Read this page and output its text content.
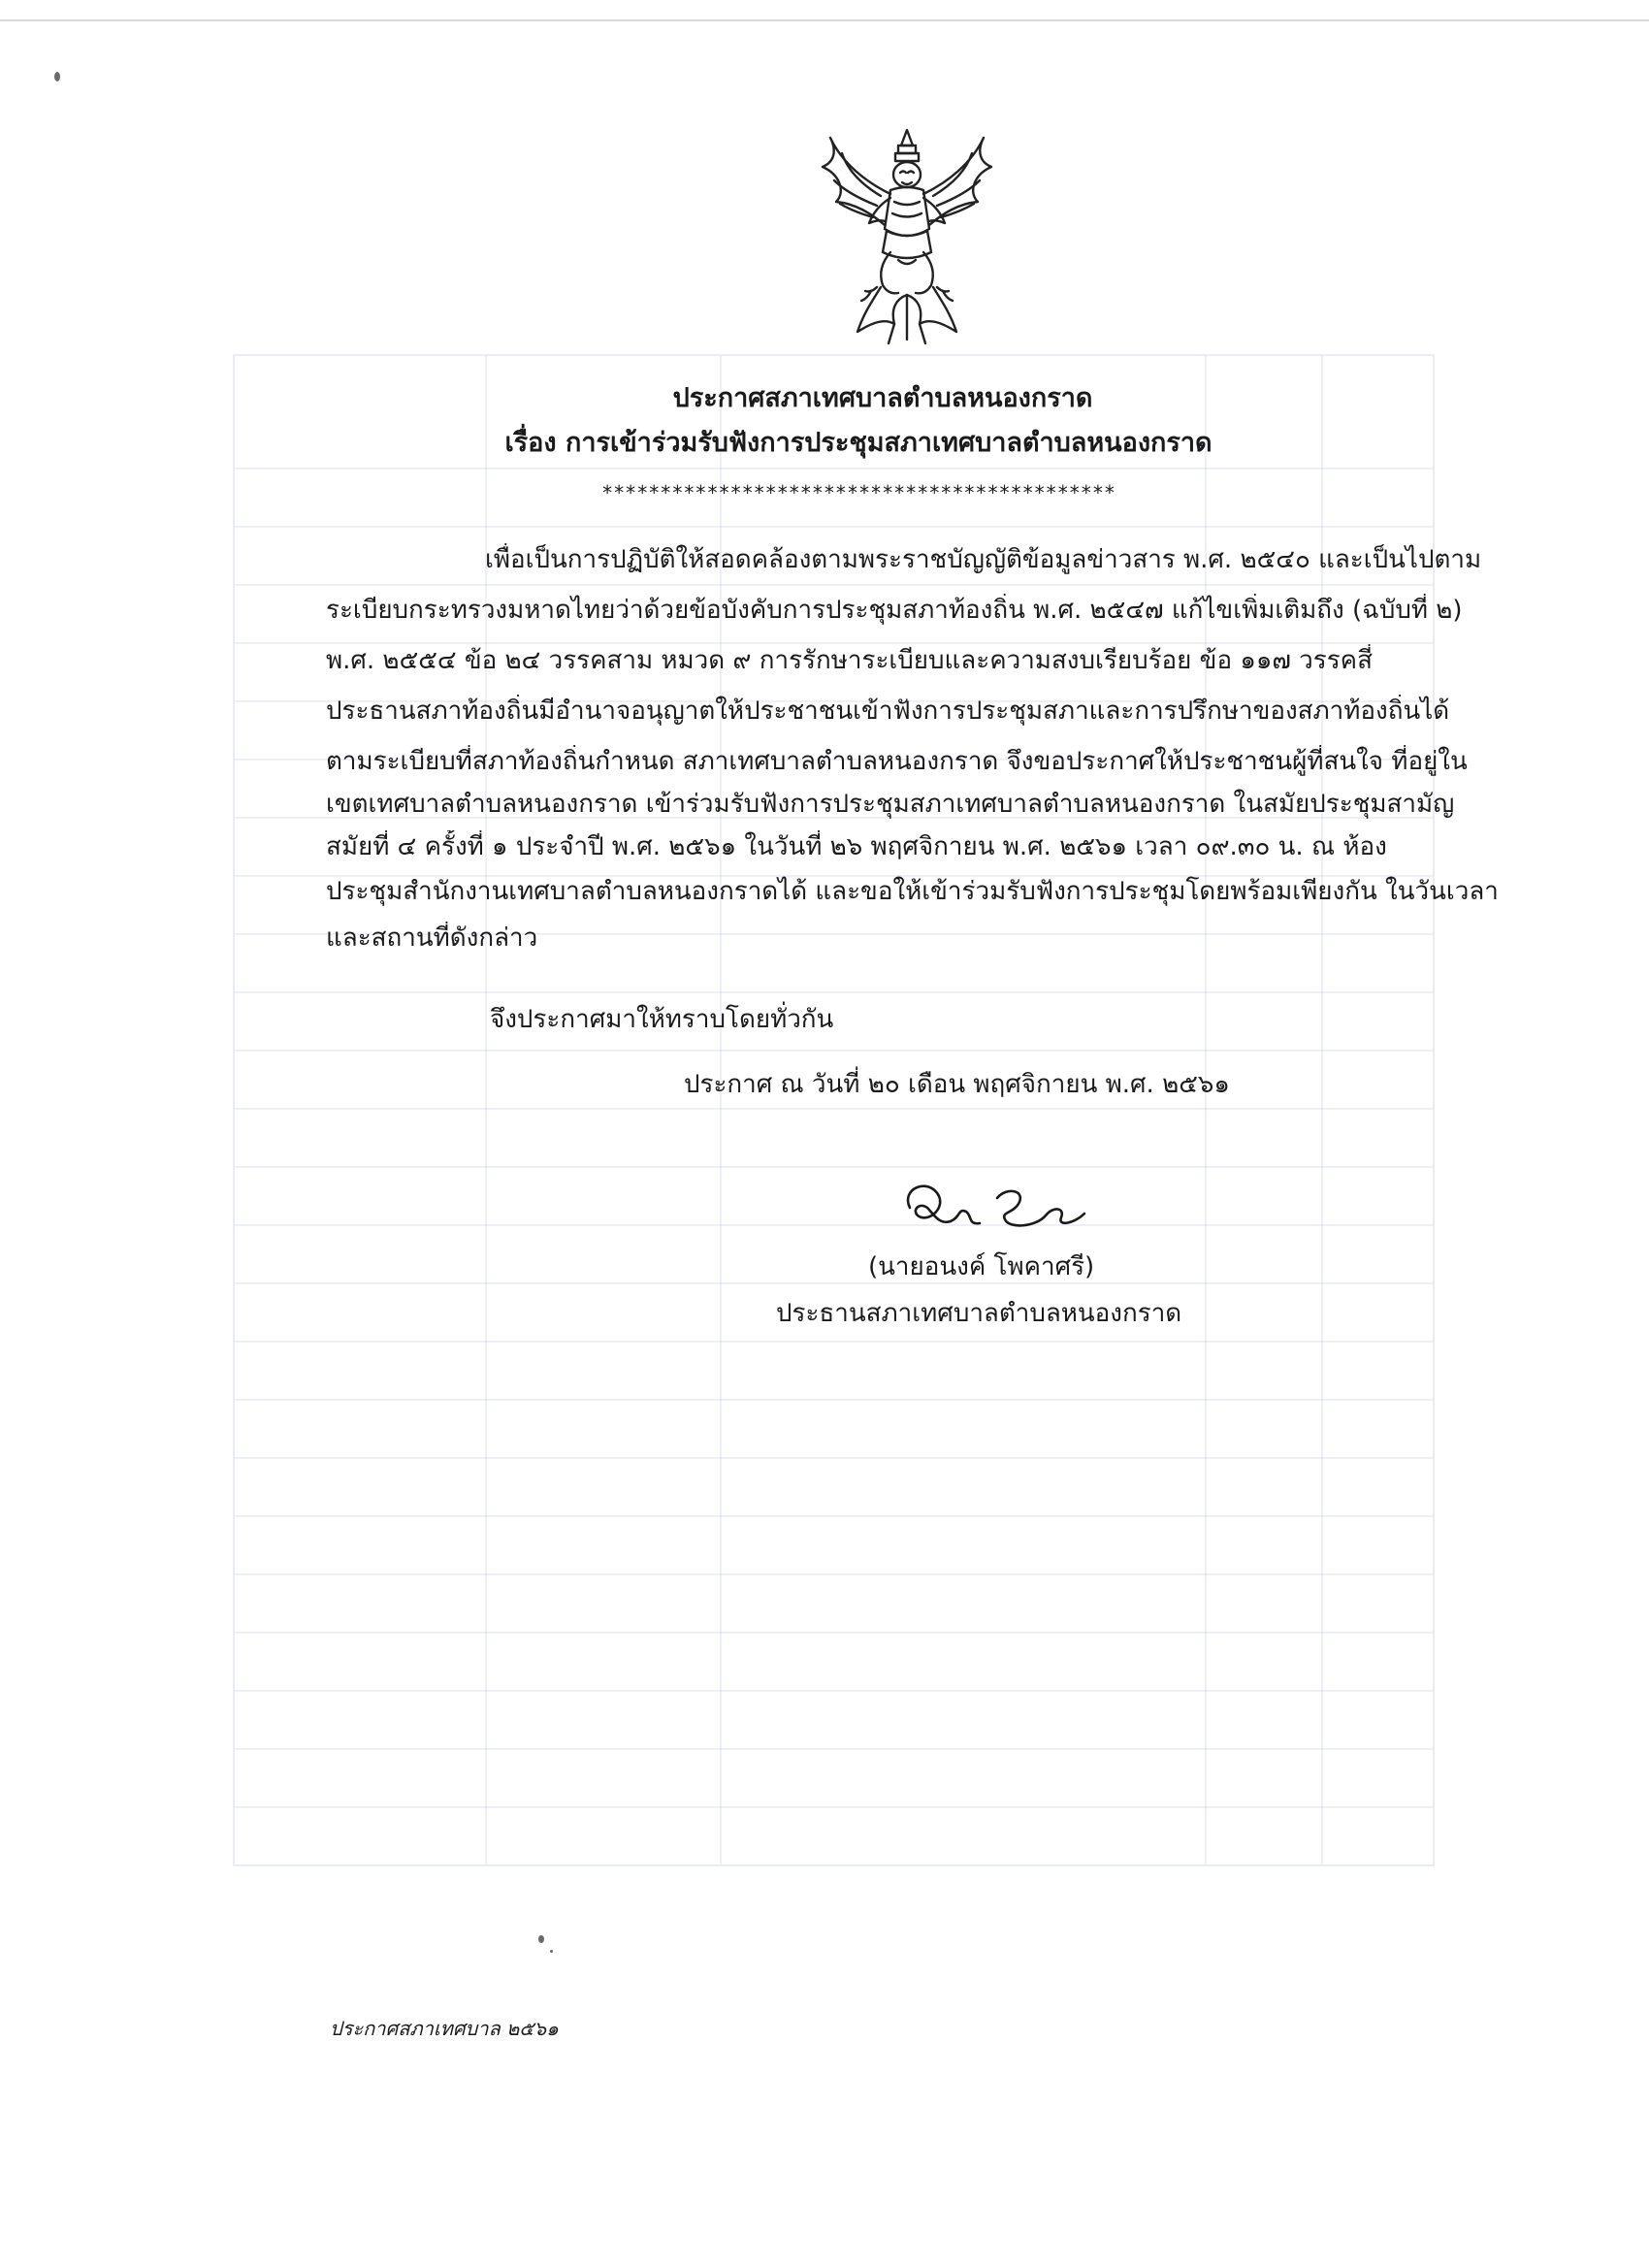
ประกาศสภาเทศบาลตำบลหนองกราด
เรื่อง การเข้าร่วมรับฟังการประชุมสภาเทศบาลตำบลหนองกราด
********************************************
เพื่อเป็นการปฏิบัติให้สอดคล้องตามพระราชบัญญัติข้อมูลข่าวสาร พ.ศ. ๒๕๔๐ และเป็นไปตาม
ระเบียบกระทรวงมหาดไทยว่าด้วยข้อบังคับการประชุมสภาท้องถิ่น พ.ศ. ๒๕๔๗ แก้ไขเพิ่มเติมถึง (ฉบับที่ ๒)
พ.ศ. ๒๕๕๔ ข้อ ๒๔ วรรคสาม หมวด ๙ การรักษาระเบียบและความสงบเรียบร้อย ข้อ ๑๑๗ วรรคสี่
ประธานสภาท้องถิ่นมีอำนาจอนุญาตให้ประชาชนเข้าฟังการประชุมสภาและการปรึกษาของสภาท้องถิ่นได้
ตามระเบียบที่สภาท้องถิ่นกำหนด สภาเทศบาลตำบลหนองกราด จึงขอประกาศให้ประชาชนผู้ที่สนใจ ที่อยู่ใน
เขตเทศบาลตำบลหนองกราด เข้าร่วมรับฟังการประชุมสภาเทศบาลตำบลหนองกราด ในสมัยประชุมสามัญ
สมัยที่ ๔ ครั้งที่ ๑ ประจำปี พ.ศ. ๒๕๖๑ ในวันที่ ๒๖ พฤศจิกายน พ.ศ. ๒๕๖๑ เวลา ๐๙.๓๐ น. ณ ห้อง
ประชุมสำนักงานเทศบาลตำบลหนองกราดได้ และขอให้เข้าร่วมรับฟังการประชุมโดยพร้อมเพียงกัน ในวันเวลา
และสถานที่ดังกล่าว
จึงประกาศมาให้ทราบโดยทั่วกัน
ประกาศ ณ วันที่ ๒๐ เดือน พฤศจิกายน พ.ศ. ๒๕๖๑
(นายอนงค์ โพคาศรี)
ประธานสภาเทศบาลตำบลหนองกราด
ประกาศสภาเทศบาล ๒๕๖๑
